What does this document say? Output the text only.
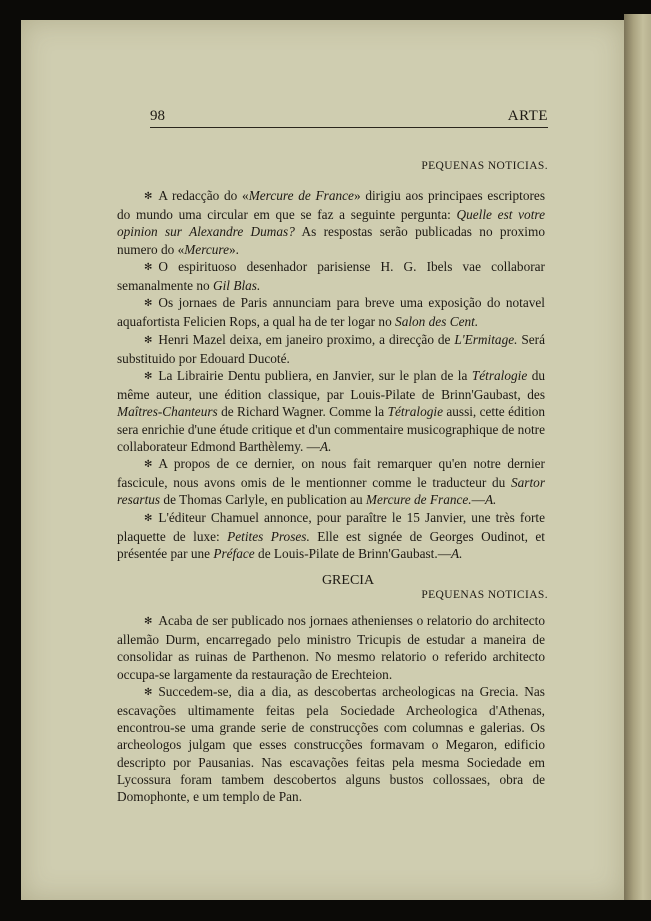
98	ARTE
PEQUENAS NOTICIAS.

✻ A redacção do «Mercure de France» dirigiu aos principaes escriptores do mundo uma circular em que se faz a seguinte pergunta: Quelle est votre opinion sur Alexandre Dumas? As respostas serão publicadas no proximo numero do «Mercure».

✻ O espirituoso desenhador parisiense H. G. Ibels vae collaborar semanalmente no Gil Blas.

✻ Os jornaes de Paris annunciam para breve uma exposição do notavel aquafortista Felicien Rops, a qual ha de ter logar no Salon des Cent.

✻ Henri Mazel deixa, em janeiro proximo, a direcção de L'Ermitage. Será substituido por Edouard Ducoté.

✻ La Librairie Dentu publiera, en Janvier, sur le plan de la Tétralogie du même auteur, une édition classique, par Louis-Pilate de Brinn'Gaubast, des Maîtres-Chanteurs de Richard Wagner. Comme la Tétralogie aussi, cette édition sera enrichie d'une étude critique et d'un commentaire musicographique de notre collaborateur Edmond Barthèlemy. —A.

✻ A propos de ce dernier, on nous fait remarquer qu'en notre dernier fascicule, nous avons omis de le mentionner comme le traducteur du Sartor resartus de Thomas Carlyle, en publication au Mercure de France.—A.

✻ L'éditeur Chamuel annonce, pour paraître le 15 Janvier, une très forte plaquette de luxe: Petites Proses. Elle est signée de Georges Oudinot, et présentée par une Préface de Louis-Pilate de Brinn'Gaubast.—A.

GRECIA
PEQUENAS NOTICIAS.

✻ Acaba de ser publicado nos jornaes athenienses o relatorio do architecto allemão Durm, encarregado pelo ministro Tricupis de estudar a maneira de consolidar as ruinas de Parthenon. No mesmo relatorio o referido architecto occupa-se largamente da restauração de Erechteion.

✻ Succedem-se, dia a dia, as descobertas archeologicas na Grecia. Nas escavações ultimamente feitas pela Sociedade Archeologica d'Athenas, encontrou-se uma grande serie de construcções com columnas e galerias. Os archeologos julgam que esses construcções formavam o Megaron, edificio descripto por Pausanias. Nas escavações feitas pela mesma Sociedade em Lycossura foram tambem descobertos alguns bustos collossaes, obra de Domophonte, e um templo de Pan.
